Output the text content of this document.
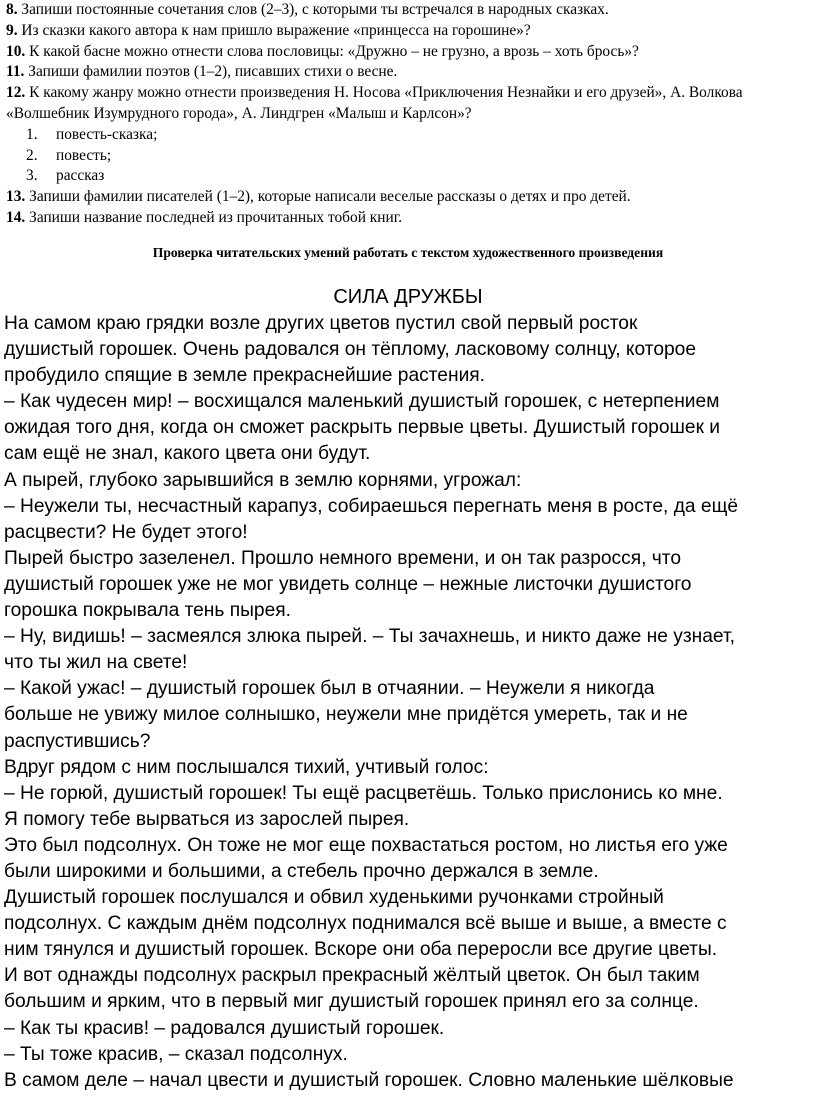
8. Запиши постоянные сочетания слов (2–3), с которыми ты встречался в народных сказках.

9. Из сказки какого автора к нам пришло выражение «принцесса на горошине»?

10. К какой басне можно отнести слова пословицы: «Дружно – не грузно, а врозь – хоть брось»?

11. Запиши фамилии поэтов (1–2), писавших стихи о весне.

12. К какому жанру можно отнести произведения Н. Носова «Приключения Незнайки и его друзей», А. Волкова «Волшебник Изумрудного города», А. Линдгрен «Малыш и Карлсон»?

1. повесть-сказка;
2. повесть;
3. рассказ

13. Запиши фамилии писателей (1–2), которые написали веселые рассказы о детях и про детей.

14. Запиши название последней из прочитанных тобой книг.

Проверка читательских умений работать с текстом художественного произведения
СИЛА ДРУЖБЫ
На самом краю грядки возле других цветов пустил свой первый росток
душистый горошек. Очень радовался он тёплому, ласковому солнцу, которое
пробудило спящие в земле прекраснейшие растения.
– Как чудесен мир! – восхищался маленький душистый горошек, с нетерпением
ожидая того дня, когда он сможет раскрыть первые цветы. Душистый горошек и
сам ещё не знал, какого цвета они будут.
А пырей, глубоко зарывшийся в землю корнями, угрожал:
– Неужели ты, несчастный карапуз, собираешься перегнать меня в росте, да ещё
расцвести? Не будет этого!
Пырей быстро зазеленел. Прошло немного времени, и он так разросся, что
душистый горошек уже не мог увидеть солнце – нежные листочки душистого
горошка покрывала тень пырея.
– Ну, видишь! – засмеялся злюка пырей. – Ты зачахнешь, и никто даже не узнает,
что ты жил на свете!
– Какой ужас! – душистый горошек был в отчаянии. – Неужели я никогда
больше не увижу милое солнышко, неужели мне придётся умереть, так и не
распустившись?
Вдруг рядом с ним послышался тихий, учтивый голос:
– Не горюй, душистый горошек! Ты ещё расцветёшь. Только прислонись ко мне.
Я помогу тебе вырваться из зарослей пырея.
Это был подсолнух. Он тоже не мог еще похвастаться ростом, но листья его уже
были широкими и большими, а стебель прочно держался в земле.
Душистый горошек послушался и обвил худенькими ручонками стройный
подсолнух. С каждым днём подсолнух поднимался всё выше и выше, а вместе с
ним тянулся и душистый горошек. Вскоре они оба переросли все другие цветы.
И вот однажды подсолнух раскрыл прекрасный жёлтый цветок. Он был таким
большим и ярким, что в первый миг душистый горошек принял его за солнце.
– Как ты красив! – радовался душистый горошек.
– Ты тоже красив, – сказал подсолнух.
В самом деле – начал цвести и душистый горошек. Словно маленькие шёлковые
